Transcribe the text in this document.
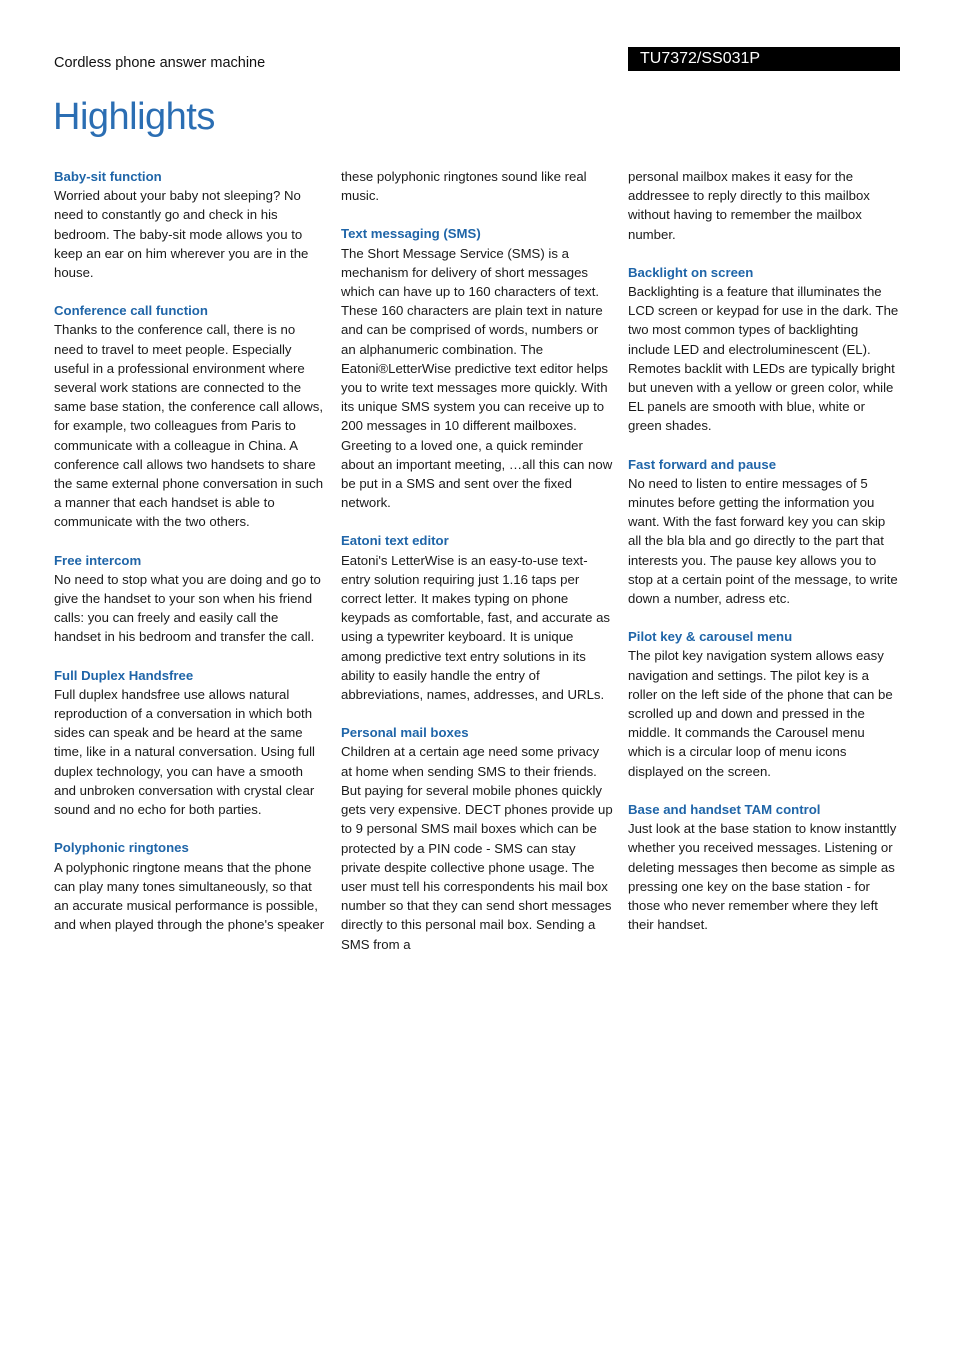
Cordless phone answer machine	TU7372/SS031P
Highlights

Baby-sit function

Worried about your baby not sleeping? No need to constantly go and check in his bedroom. The baby-sit mode allows you to keep an ear on him wherever you are in the house.

Conference call function

Thanks to the conference call, there is no need to travel to meet people. Especially useful in a professional environment where several work stations are connected to the same base station, the conference call allows, for example, two colleagues from Paris to communicate with a colleague in China. A conference call allows two handsets to share the same external phone conversation in such a manner that each handset is able to communicate with the two others.

Free intercom

No need to stop what you are doing and go to give the handset to your son when his friend calls: you can freely and easily call the handset in his bedroom and transfer the call.

Full Duplex Handsfree

Full duplex handsfree use allows natural reproduction of a conversation in which both sides can speak and be heard at the same time, like in a natural conversation. Using full duplex technology, you can have a smooth and unbroken conversation with crystal clear sound and no echo for both parties.

Polyphonic ringtones

A polyphonic ringtone means that the phone can play many tones simultaneously, so that an accurate musical performance is possible, and when played through the phone's speaker

these polyphonic ringtones sound like real music.

Text messaging (SMS)

The Short Message Service (SMS) is a mechanism for delivery of short messages which can have up to 160 characters of text. These 160 characters are plain text in nature and can be comprised of words, numbers or an alphanumeric combination. The Eatoni®LetterWise predictive text editor helps you to write text messages more quickly. With its unique SMS system you can receive up to 200 messages in 10 different mailboxes. Greeting to a loved one, a quick reminder about an important meeting, …all this can now be put in a SMS and sent over the fixed network.

Eatoni text editor

Eatoni's LetterWise is an easy-to-use text-entry solution requiring just 1.16 taps per correct letter. It makes typing on phone keypads as comfortable, fast, and accurate as using a typewriter keyboard. It is unique among predictive text entry solutions in its ability to easily handle the entry of abbreviations, names, addresses, and URLs.

Personal mail boxes

Children at a certain age need some privacy at home when sending SMS to their friends. But paying for several mobile phones quickly gets very expensive. DECT phones provide up to 9 personal SMS mail boxes which can be protected by a PIN code - SMS can stay private despite collective phone usage. The user must tell his correspondents his mail box number so that they can send short messages directly to this personal mail box. Sending a SMS from a

personal mailbox makes it easy for the addressee to reply directly to this mailbox without having to remember the mailbox number.

Backlight on screen

Backlighting is a feature that illuminates the LCD screen or keypad for use in the dark. The two most common types of backlighting include LED and electroluminescent (EL). Remotes backlit with LEDs are typically bright but uneven with a yellow or green color, while EL panels are smooth with blue, white or green shades.

Fast forward and pause

No need to listen to entire messages of 5 minutes before getting the information you want. With the fast forward key you can skip all the bla bla and go directly to the part that interests you. The pause key allows you to stop at a certain point of the message, to write down a number, adress etc.

Pilot key & carousel menu

The pilot key navigation system allows easy navigation and settings. The pilot key is a roller on the left side of the phone that can be scrolled up and down and pressed in the middle. It commands the Carousel menu which is a circular loop of menu icons displayed on the screen.

Base and handset TAM control

Just look at the base station to know instanttly whether you received messages. Listening or deleting messages then become as simple as pressing one key on the base station - for those who never remember where they left their handset.
